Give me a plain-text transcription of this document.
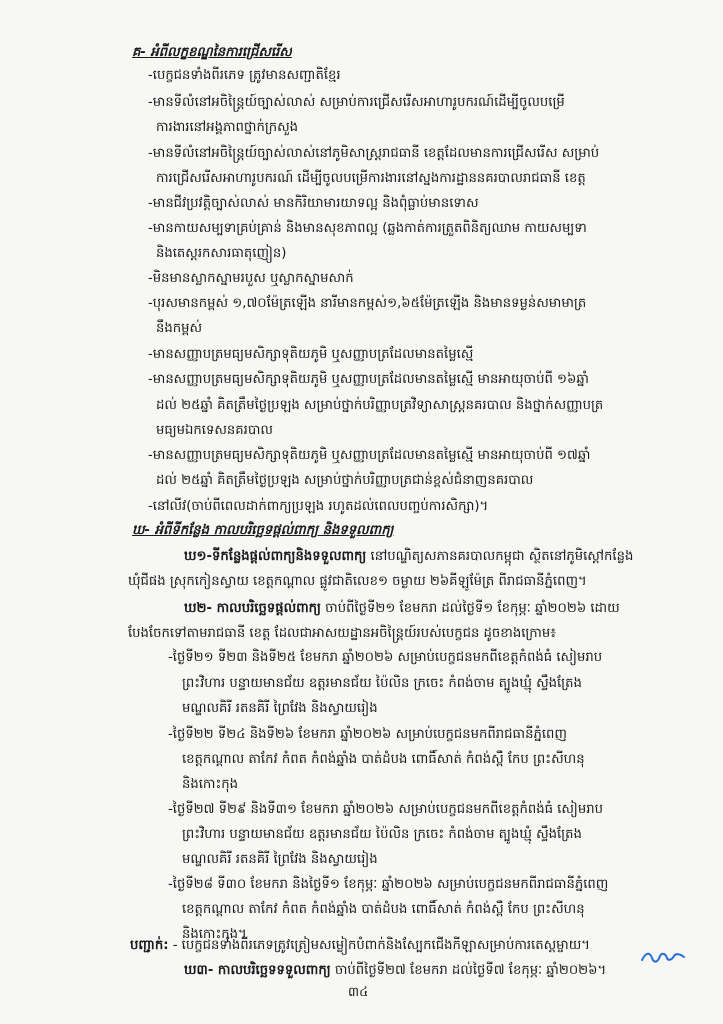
គ- អំពីលក្ខខណ្ឌនៃការជ្រើសរើស
-បេក្ខជនទាំងពីរភេទ ត្រូវមានសញ្ជាតិខ្មែរ
-មានទីលំនៅអចិន្ត្រៃយ៍ច្បាស់លាស់ សម្រាប់ការជ្រើសរើសអាហារូបករណ៍ដើម្បីចូលបម្រើ
ការងារនៅអង្គភាពថ្នាក់ក្រសួង
-មានទីលំនៅអចិន្ត្រៃយ៍ច្បាស់លាស់នៅភូមិសាស្ត្ររាជធានី ខេត្តដែលមានការជ្រើសរើស សម្រាប់
ការជ្រើសរើសអាហារូបករណ៍ ដើម្បីចូលបម្រើការងារនៅស្នងការដ្ឋាននគរបាលរាជធានី ខេត្ត
-មានជីវប្រវត្តិច្បាស់លាស់ មានកិរិយាមារយាទល្អ និងពុំធ្លាប់មានទោស
-មានកាយសម្បទាគ្រប់គ្រាន់ និងមានសុខភាពល្អ (ឆ្លងកាត់ការត្រួតពិនិត្យឈាម កាយសម្បទា
និងតេស្តរកសារធាតុញៀន)
-មិនមានស្លាកស្នាមរបួស ឬស្លាកស្នាមសាក់
-បុរសមានកម្ពស់ ១,៧០ម៉ែត្រឡើង នារីមានកម្ពស់១,៦៥ម៉ែត្រឡើង និងមានទម្ងន់សមាមាត្រ
នឹងកម្ពស់
-មានសញ្ញាបត្រមធ្យមសិក្សាទុតិយភូមិ ឬសញ្ញាបត្រដែលមានតម្លៃស្មើ
-មានសញ្ញាបត្រមធ្យមសិក្សាទុតិយភូមិ ឬសញ្ញាបត្រដែលមានតម្លៃស្មើ មានអាយុចាប់ពី ១៦ឆ្នាំ
ដល់ ២៥ឆ្នាំ គិតត្រឹមថ្ងៃប្រឡង សម្រាប់ថ្នាក់បរិញ្ញាបត្រវិទ្យាសាស្ត្រនគរបាល និងថ្នាក់សញ្ញាបត្រ
មធ្យមឯកទេសនគរបាល
-មានសញ្ញាបត្រមធ្យមសិក្សាទុតិយភូមិ ឬសញ្ញាបត្រដែលមានតម្លៃស្មើ មានអាយុចាប់ពី ១៧ឆ្នាំ
ដល់ ២៥ឆ្នាំ គិតត្រឹមថ្ងៃប្រឡង សម្រាប់ថ្នាក់បរិញ្ញាបត្រជាន់ខ្ពស់ជំនាញនគរបាល
-នៅលីវ(ចាប់ពីពេលដាក់ពាក្យប្រឡង រហូតដល់ពេលបញ្ចប់ការសិក្សា)។
ឃ- អំពីទីកន្លែង កាលបរិច្ឆេទផ្តល់ពាក្យ និងទទួលពាក្យ
ឃ១-ទីកន្លែងផ្តល់ពាក្យនិងទទួលពាក្យ នៅបណ្ឌិត្យសភានគរបាលកម្ពុជា ស្ថិតនៅភូមិស្តៅកន្លែង
ឃុំជីផង ស្រុកកៀនស្វាយ ខេត្តកណ្តាល ផ្លូវជាតិលេខ១ ចម្ងាយ ២៦គីឡូម៉ែត្រ ពីរាជធានីភ្នំពេញ។
ឃ២- កាលបរិច្ឆេទផ្តល់ពាក្យ ចាប់ពីថ្ងៃទី២១ ខែមករា ដល់ថ្ងៃទី១ ខែកុម្ភៈ ឆ្នាំ២០២៦ ដោយ
បែងចែកទៅតាមរាជធានី ខេត្ត ដែលជាអាសយដ្ឋានអចិន្ត្រៃយ៍របស់បេក្ខជន ដូចខាងក្រោម៖
-ថ្ងៃទី២១ ទី២៣ និងទី២៥ ខែមករា ឆ្នាំ២០២៦ សម្រាប់បេក្ខជនមកពីខេត្តកំពង់ធំ សៀមរាប
ព្រះវិហារ បន្ទាយមានជ័យ ឧត្តរមានជ័យ ប៉ៃលិន ក្រចេះ កំពង់ចាម ត្បូងឃ្មុំ ស្ទឹងត្រែង
មណ្ឌលគិរី រតនគិរី ព្រៃវែង និងស្វាយរៀង
-ថ្ងៃទី២២ ទី២៤ និងទី២៦ ខែមករា ឆ្នាំ២០២៦ សម្រាប់បេក្ខជនមកពីរាជធានីភ្នំពេញ
ខេត្តកណ្តាល តាកែវ កំពត កំពង់ឆ្នាំង បាត់ដំបង ពោធិ៍សាត់ កំពង់ស្ពឺ កែប ព្រះសីហនុ
និងកោះកុង
-ថ្ងៃទី២៧ ទី២៩ និងទី៣១ ខែមករា ឆ្នាំ២០២៦ សម្រាប់បេក្ខជនមកពីខេត្តកំពង់ធំ សៀមរាប
ព្រះវិហារ បន្ទាយមានជ័យ ឧត្តរមានជ័យ ប៉ៃលិន ក្រចេះ កំពង់ចាម ត្បូងឃ្មុំ ស្ទឹងត្រែង
មណ្ឌលគិរី រតនគិរី ព្រៃវែង និងស្វាយរៀង
-ថ្ងៃទី២៨ ទី៣០ ខែមករា និងថ្ងៃទី១ ខែកុម្ភៈ ឆ្នាំ២០២៦ សម្រាប់បេក្ខជនមកពីរាជធានីភ្នំពេញ
ខេត្តកណ្តាល តាកែវ កំពត កំពង់ឆ្នាំង បាត់ដំបង ពោធិ៍សាត់ កំពង់ស្ពឺ កែប ព្រះសីហនុ
និងកោះកុង។
បញ្ជាក់: - បេក្ខជនទាំងពីរភេទត្រូវត្រៀមសម្លៀកបំពាក់និងស្បែកជើងកីឡាសម្រាប់ការតេស្តម្ចាយ។
ឃ៣- កាលបរិច្ឆេទទទួលពាក្យ ចាប់ពីថ្ងៃទី២៧ ខែមករា ដល់ថ្ងៃទី៧ ខែកុម្ភៈ ឆ្នាំ២០២៦។
៣៤
